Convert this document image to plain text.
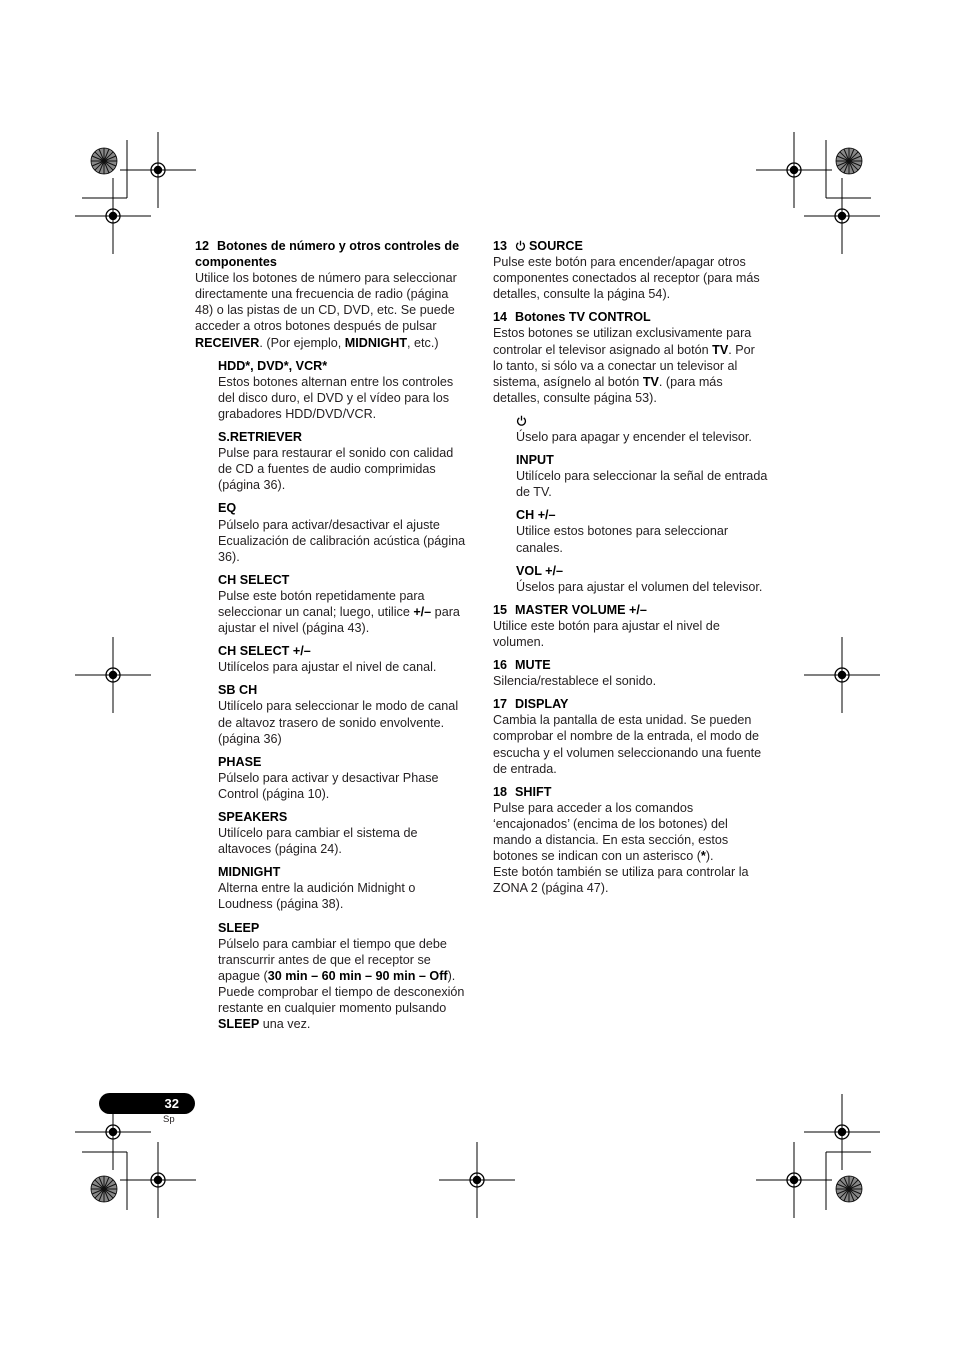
12 Botones de número y otros controles de componentes

Utilice los botones de número para seleccionar directamente una frecuencia de radio (página 48) o las pistas de un CD, DVD, etc. Se puede acceder a otros botones después de pulsar RECEIVER. (Por ejemplo, MIDNIGHT, etc.)

HDD*, DVD*, VCR*

Estos botones alternan entre los controles del disco duro, el DVD y el vídeo para los grabadores HDD/DVD/VCR.

S.RETRIEVER

Pulse para restaurar el sonido con calidad de CD a fuentes de audio comprimidas (página 36).

EQ

Púlselo para activar/desactivar el ajuste Ecualización de calibración acústica (página 36).

CH SELECT

Pulse este botón repetidamente para seleccionar un canal; luego, utilice +/– para ajustar el nivel (página 43).

CH SELECT +/–

Utilícelos para ajustar el nivel de canal.

SB CH

Utilícelo para seleccionar le modo de canal de altavoz trasero de sonido envolvente. (página 36)

PHASE

Púlselo para activar y desactivar Phase Control (página 10).

SPEAKERS

Utilícelo para cambiar el sistema de altavoces (página 24).

MIDNIGHT

Alterna entre la audición Midnight o Loudness (página 38).

SLEEP

Púlselo para cambiar el tiempo que debe transcurrir antes de que el receptor se apague (30 min – 60 min – 90 min – Off). Puede comprobar el tiempo de desconexión restante en cualquier momento pulsando SLEEP una vez.

13 SOURCE

Pulse este botón para encender/apagar otros componentes conectados al receptor (para más detalles, consulte la página 54).

14 Botones TV CONTROL

Estos botones se utilizan exclusivamente para controlar el televisor asignado al botón TV. Por lo tanto, si sólo va a conectar un televisor al sistema, asígnelo al botón TV. (para más detalles, consulte página 53).

Úselo para apagar y encender el televisor.

INPUT

Utilícelo para seleccionar la señal de entrada de TV.

CH +/–

Utilice estos botones para seleccionar canales.

VOL +/–

Úselos para ajustar el volumen del televisor.

15 MASTER VOLUME +/–

Utilice este botón para ajustar el nivel de volumen.

16 MUTE

Silencia/restablece el sonido.

17 DISPLAY

Cambia la pantalla de esta unidad. Se pueden comprobar el nombre de la entrada, el modo de escucha y el volumen seleccionando una fuente de entrada.

18 SHIFT

Pulse para acceder a los comandos ‘encajonados’ (encima de los botones) del mando a distancia. En esta sección, estos botones se indican con un asterisco (*).

Este botón también se utiliza para controlar la ZONA 2 (página 47).

32
Sp
